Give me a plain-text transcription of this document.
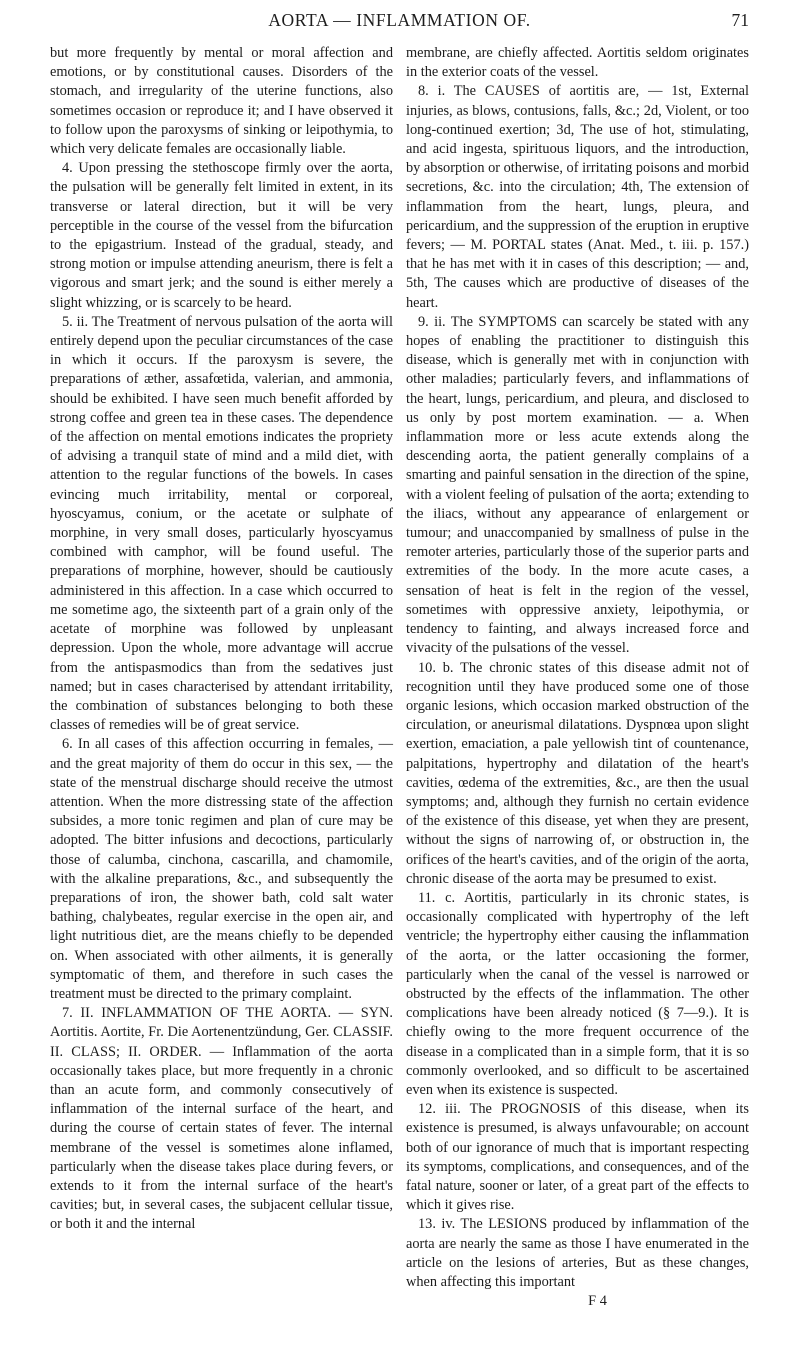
AORTA — INFLAMMATION OF.	71

but more frequently by mental or moral affection and emotions, or by constitutional causes. Disorders of the stomach, and irregularity of the uterine functions, also sometimes occasion or reproduce it; and I have observed it to follow upon the paroxysms of sinking or leipothymia, to which very delicate females are occasionally liable.

4. Upon pressing the stethoscope firmly over the aorta, the pulsation will be generally felt limited in extent, in its transverse or lateral direction, but it will be very perceptible in the course of the vessel from the bifurcation to the epigastrium. Instead of the gradual, steady, and strong motion or impulse attending aneurism, there is felt a vigorous and smart jerk; and the sound is either merely a slight whizzing, or is scarcely to be heard.

5. ii. The Treatment of nervous pulsation of the aorta will entirely depend upon the peculiar circumstances of the case in which it occurs. If the paroxysm is severe, the preparations of æther, assafœtida, valerian, and ammonia, should be exhibited. I have seen much benefit afforded by strong coffee and green tea in these cases. The dependence of the affection on mental emotions indicates the propriety of advising a tranquil state of mind and a mild diet, with attention to the regular functions of the bowels. In cases evincing much irritability, mental or corporeal, hyoscyamus, conium, or the acetate or sulphate of morphine, in very small doses, particularly hyoscyamus combined with camphor, will be found useful. The preparations of morphine, however, should be cautiously administered in this affection. In a case which occurred to me sometime ago, the sixteenth part of a grain only of the acetate of morphine was followed by unpleasant depression. Upon the whole, more advantage will accrue from the antispasmodics than from the sedatives just named; but in cases characterised by attendant irritability, the combination of substances belonging to both these classes of remedies will be of great service.

6. In all cases of this affection occurring in females, — and the great majority of them do occur in this sex, — the state of the menstrual discharge should receive the utmost attention. When the more distressing state of the affection subsides, a more tonic regimen and plan of cure may be adopted. The bitter infusions and decoctions, particularly those of calumba, cinchona, cascarilla, and chamomile, with the alkaline preparations, &c., and subsequently the preparations of iron, the shower bath, cold salt water bathing, chalybeates, regular exercise in the open air, and light nutritious diet, are the means chiefly to be depended on. When associated with other ailments, it is generally symptomatic of them, and therefore in such cases the treatment must be directed to the primary complaint.

7. II. INFLAMMATION OF THE AORTA. — SYN. Aortitis. Aortite, Fr. Die Aortenentzündung, Ger. CLASSIF. II. CLASS; II. ORDER. — Inflammation of the aorta occasionally takes place, but more frequently in a chronic than an acute form, and commonly consecutively of inflammation of the internal surface of the heart, and during the course of certain states of fever. The internal membrane of the vessel is sometimes alone inflamed, particularly when the disease takes place during fevers, or extends to it from the internal surface of the heart's cavities; but, in several cases, the subjacent cellular tissue, or both it and the internal

membrane, are chiefly affected. Aortitis seldom originates in the exterior coats of the vessel.

8. i. The CAUSES of aortitis are, — 1st, External injuries, as blows, contusions, falls, &c.; 2d, Violent, or too long-continued exertion; 3d, The use of hot, stimulating, and acid ingesta, spirituous liquors, and the introduction, by absorption or otherwise, of irritating poisons and morbid secretions, &c. into the circulation; 4th, The extension of inflammation from the heart, lungs, pleura, and pericardium, and the suppression of the eruption in eruptive fevers; — M. PORTAL states (Anat. Med., t. iii. p. 157.) that he has met with it in cases of this description; — and, 5th, The causes which are productive of diseases of the heart.

9. ii. The SYMPTOMS can scarcely be stated with any hopes of enabling the practitioner to distinguish this disease, which is generally met with in conjunction with other maladies; particularly fevers, and inflammations of the heart, lungs, pericardium, and pleura, and disclosed to us only by post mortem examination. — a. When inflammation more or less acute extends along the descending aorta, the patient generally complains of a smarting and painful sensation in the direction of the spine, with a violent feeling of pulsation of the aorta; extending to the iliacs, without any appearance of enlargement or tumour; and unaccompanied by smallness of pulse in the remoter arteries, particularly those of the superior parts and extremities of the body. In the more acute cases, a sensation of heat is felt in the region of the vessel, sometimes with oppressive anxiety, leipothymia, or tendency to fainting, and always increased force and vivacity of the pulsations of the vessel.

10. b. The chronic states of this disease admit not of recognition until they have produced some one of those organic lesions, which occasion marked obstruction of the circulation, or aneurismal dilatations. Dyspnœa upon slight exertion, emaciation, a pale yellowish tint of countenance, palpitations, hypertrophy and dilatation of the heart's cavities, œdema of the extremities, &c., are then the usual symptoms; and, although they furnish no certain evidence of the existence of this disease, yet when they are present, without the signs of narrowing of, or obstruction in, the orifices of the heart's cavities, and of the origin of the aorta, chronic disease of the aorta may be presumed to exist.

11. c. Aortitis, particularly in its chronic states, is occasionally complicated with hypertrophy of the left ventricle; the hypertrophy either causing the inflammation of the aorta, or the latter occasioning the former, particularly when the canal of the vessel is narrowed or obstructed by the effects of the inflammation. The other complications have been already noticed (§ 7—9.). It is chiefly owing to the more frequent occurrence of the disease in a complicated than in a simple form, that it is so commonly overlooked, and so difficult to be ascertained even when its existence is suspected.

12. iii. The PROGNOSIS of this disease, when its existence is presumed, is always unfavourable; on account both of our ignorance of much that is important respecting its symptoms, complications, and consequences, and of the fatal nature, sooner or later, of a great part of the effects to which it gives rise.

13. iv. The LESIONS produced by inflammation of the aorta are nearly the same as those I have enumerated in the article on the lesions of arteries, But as these changes, when affecting this important

F 4
